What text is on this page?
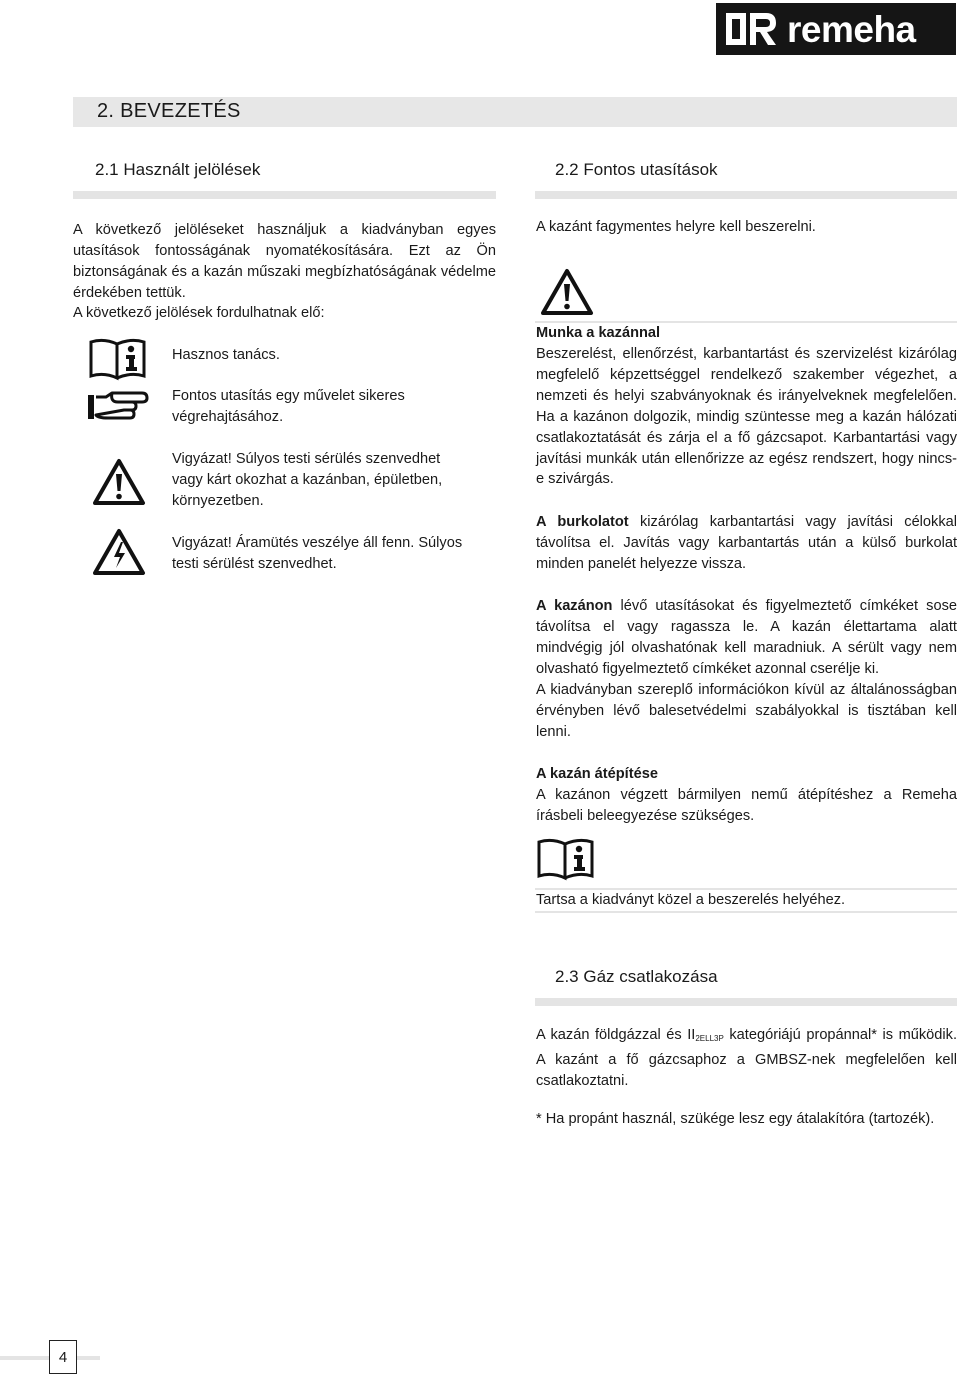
remeha
2. BEVEZETÉS
2.1 Használt jelölések
A következő jelöléseket használjuk a kiadványban egyes utasítások fontosságának nyomatékosítására. Ezt az Ön biztonságának és a kazán műszaki megbízhatóságának védelme érdekében tettük.
A következő jelölések fordulhatnak elő:
Hasznos tanács.
Fontos utasítás egy művelet sikeres végrehajtásához.
Vigyázat! Súlyos testi sérülés szenvedhet vagy kárt okozhat a kazánban, épületben, környezetben.
Vigyázat! Áramütés veszélye áll fenn. Súlyos testi sérülést szenvedhet.
2.2 Fontos utasítások
A kazánt fagymentes helyre kell beszerelni.
Munka a kazánnal
Beszerelést, ellenőrzést, karbantartást és szervizelést kizárólag megfelelő képzettséggel rendelkező szakember végezhet, a nemzeti és helyi szabványoknak és irányelveknek megfelelően. Ha a kazánon dolgozik, mindig szüntesse meg a kazán hálózati csatlakoztatását és zárja el a fő gázcsapot. Karbantartási vagy javítási munkák után ellenőrizze az egész rendszert, hogy nincs-e szivárgás.
A burkolatot kizárólag karbantartási vagy javítási célokkal távolítsa el. Javítás vagy karbantartás után a külső burkolat minden panelét helyezze vissza.
A kazánon lévő utasításokat és figyelmeztető címkéket sose távolítsa el vagy ragassza le. A kazán élettartama alatt mindvégig jól olvashatónak kell maradniuk. A sérült vagy nem olvasható figyelmeztető címkéket azonnal cserélje ki.
A kiadványban szereplő információkon kívül az általánosságban érvényben lévő balesetvédelmi szabályokkal is tisztában kell lenni.
A kazán átépítése
A kazánon végzett bármilyen nemű átépítéshez a Remeha írásbeli beleegyezése szükséges.
Tartsa a kiadványt közel a beszerelés helyéhez.
2.3 Gáz csatlakozása
A kazán földgázzal és $II_{2ELL3P}$ kategóriájú propánnal* is működik. A kazánt a fő gázcsaphoz a GMBSZ-nek megfelelően kell csatlakoztatni.
* Ha propánt használ, szükége lesz egy átalakítóra (tartozék).
4
